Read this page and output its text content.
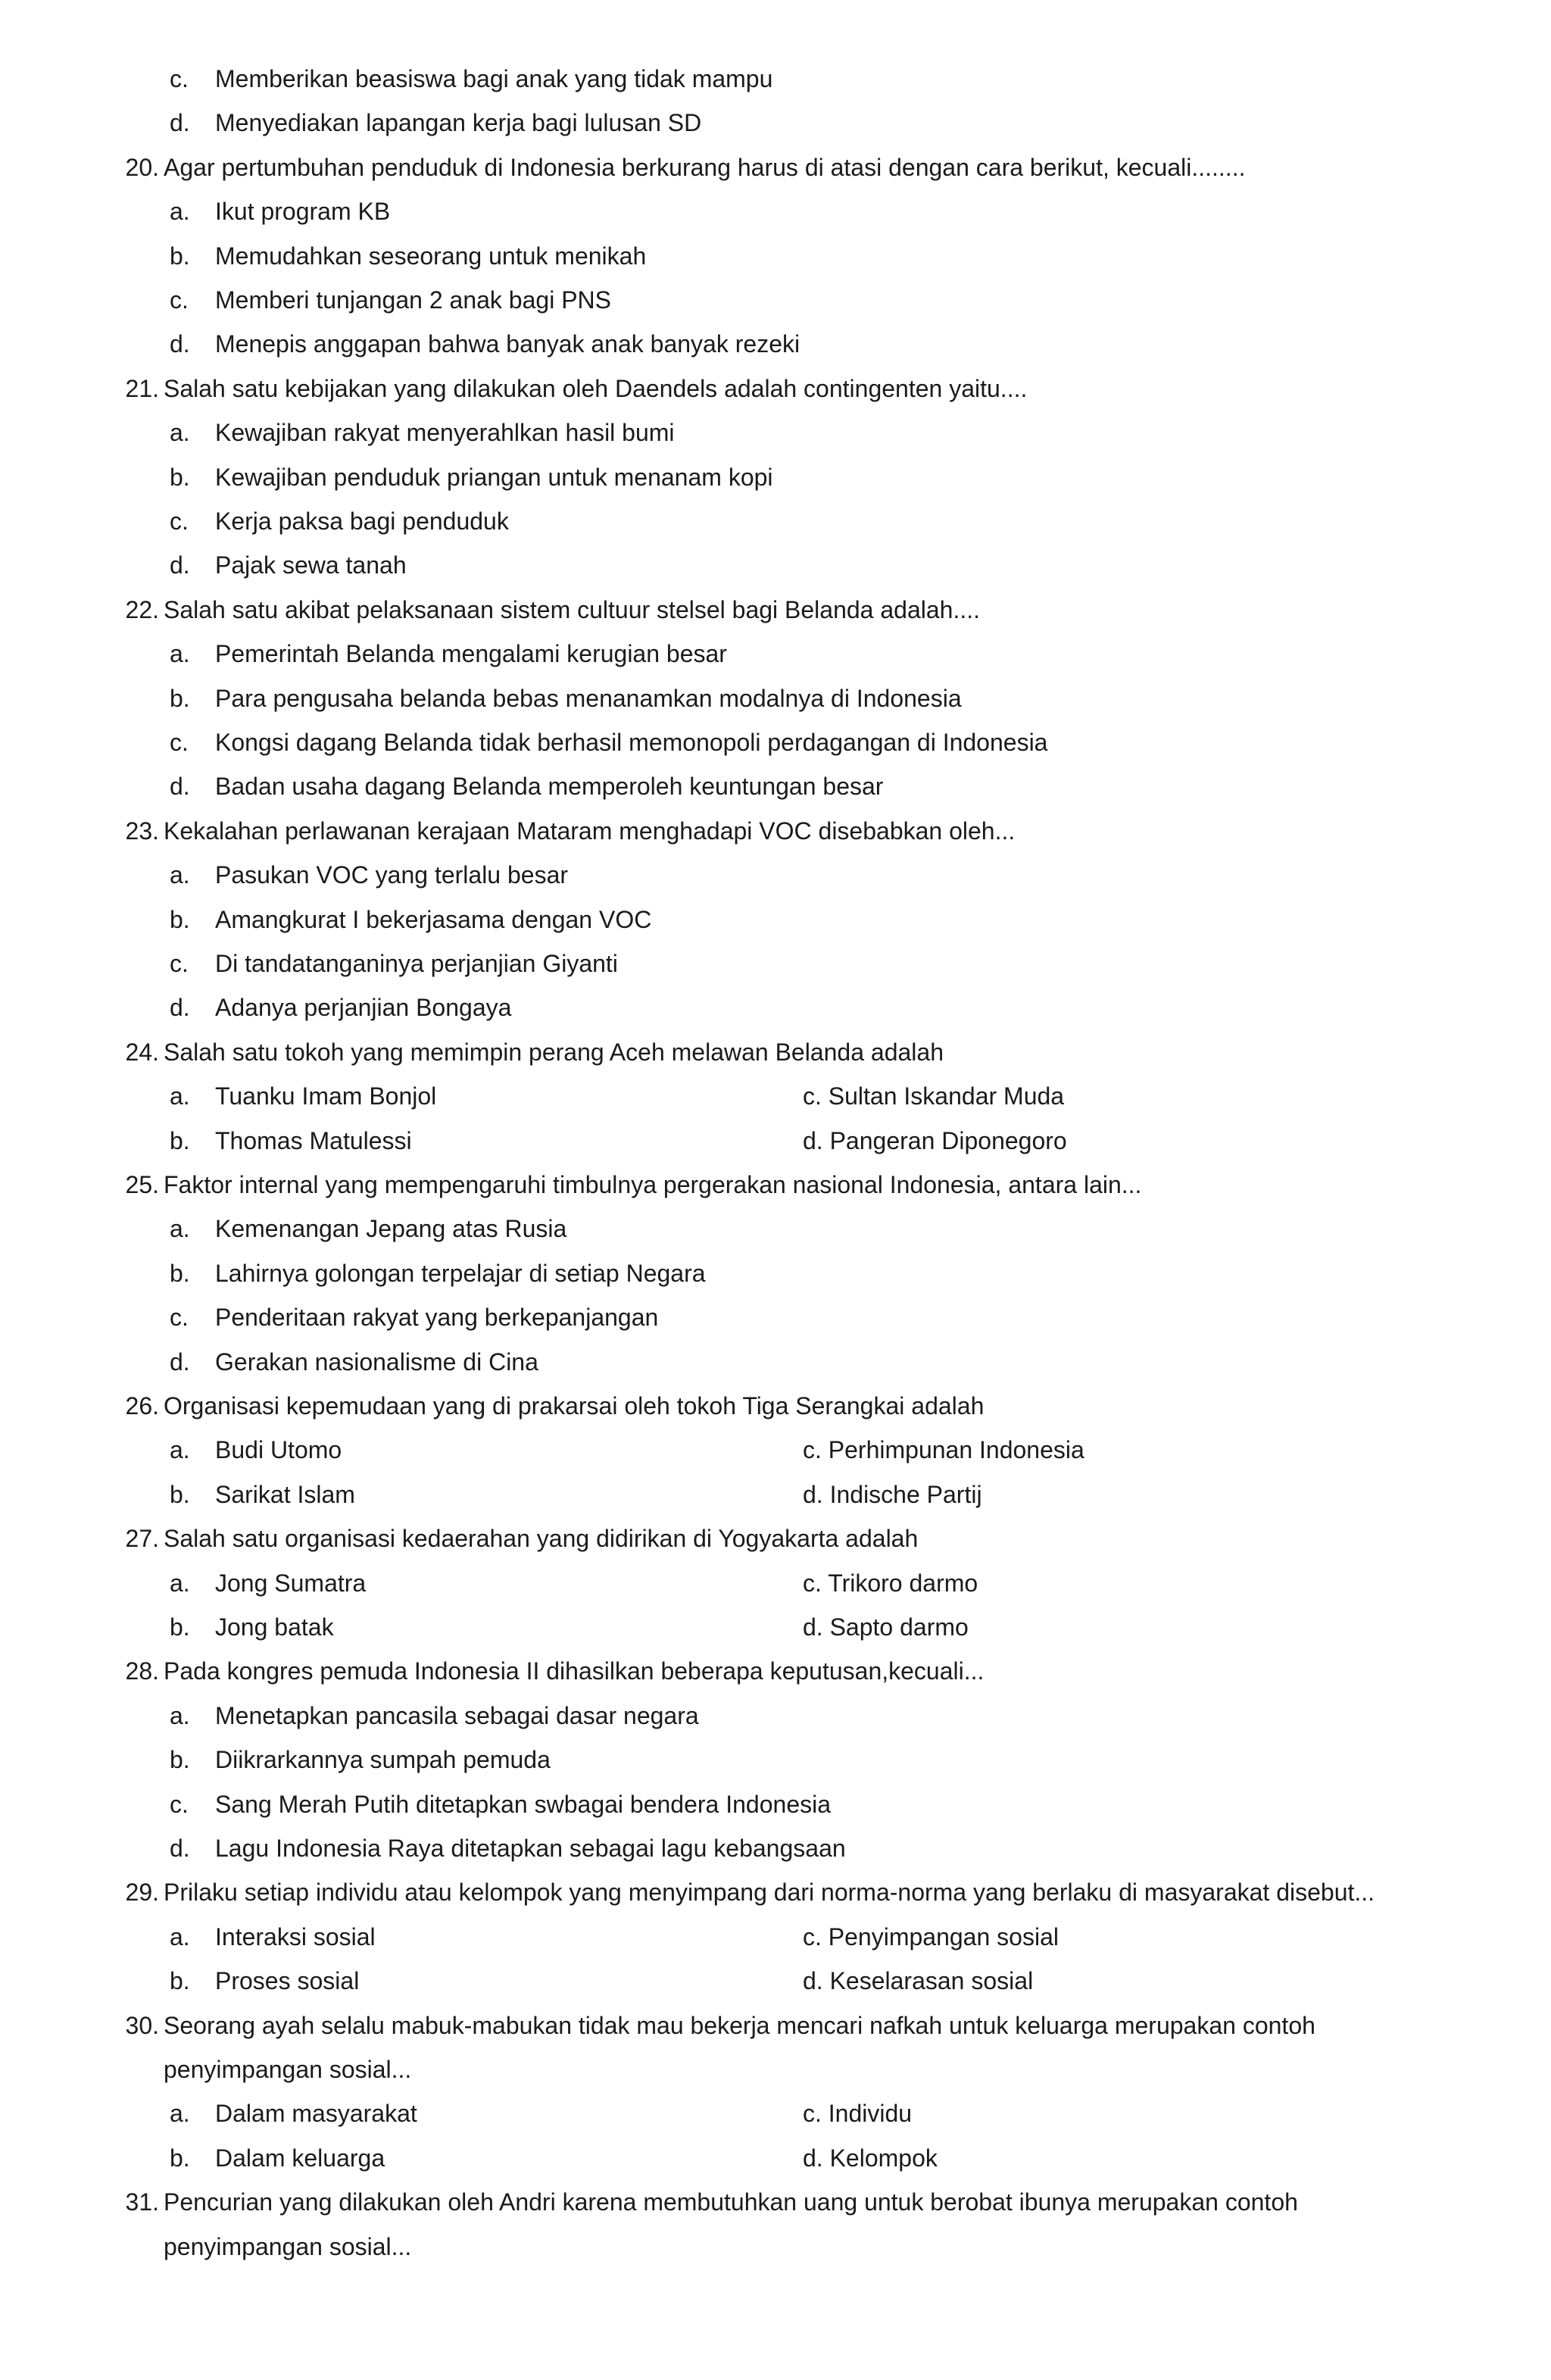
c. Memberikan beasiswa bagi anak yang tidak mampu
d. Menyediakan lapangan kerja bagi lulusan SD
20. Agar pertumbuhan penduduk di Indonesia berkurang harus di atasi dengan cara berikut, kecuali........
a. Ikut program KB
b. Memudahkan seseorang untuk menikah
c. Memberi tunjangan 2 anak bagi PNS
d. Menepis anggapan bahwa banyak anak banyak rezeki
21. Salah satu kebijakan yang dilakukan oleh Daendels adalah contingenten yaitu....
a. Kewajiban rakyat menyerahlkan hasil bumi
b. Kewajiban penduduk priangan untuk menanam kopi
c. Kerja paksa bagi penduduk
d. Pajak sewa tanah
22. Salah satu akibat pelaksanaan sistem cultuur stelsel bagi Belanda adalah....
a. Pemerintah Belanda mengalami kerugian besar
b. Para pengusaha belanda bebas menanamkan modalnya di Indonesia
c. Kongsi dagang Belanda tidak berhasil memonopoli perdagangan di Indonesia
d. Badan usaha dagang Belanda memperoleh keuntungan besar
23. Kekalahan perlawanan kerajaan Mataram menghadapi VOC disebabkan oleh...
a. Pasukan VOC yang terlalu besar
b. Amangkurat I bekerjasama dengan VOC
c. Di tandatanganinya perjanjian Giyanti
d. Adanya perjanjian Bongaya
24. Salah satu tokoh yang memimpin perang Aceh melawan Belanda adalah
a. Tuanku Imam Bonjol	c. Sultan Iskandar Muda
b. Thomas Matulessi	d. Pangeran Diponegoro
25. Faktor internal yang mempengaruhi timbulnya pergerakan nasional Indonesia, antara lain...
a. Kemenangan Jepang atas Rusia
b. Lahirnya golongan terpelajar di setiap Negara
c. Penderitaan rakyat yang berkepanjangan
d. Gerakan nasionalisme di Cina
26. Organisasi kepemudaan yang di prakarsai oleh tokoh Tiga Serangkai adalah
a. Budi Utomo	c. Perhimpunan Indonesia
b. Sarikat Islam	d. Indische Partij
27. Salah satu organisasi kedaerahan yang didirikan di Yogyakarta adalah
a. Jong Sumatra	c. Trikoro darmo
b. Jong batak	d. Sapto darmo
28. Pada kongres pemuda Indonesia II dihasilkan beberapa keputusan,kecuali...
a. Menetapkan pancasila sebagai dasar negara
b. Diikrarkannya sumpah pemuda
c. Sang Merah Putih ditetapkan swbagai bendera Indonesia
d. Lagu Indonesia Raya ditetapkan sebagai lagu kebangsaan
29. Prilaku setiap individu atau kelompok yang menyimpang dari norma-norma yang berlaku di masyarakat disebut...
a. Interaksi sosial	c. Penyimpangan sosial
b. Proses sosial	d. Keselarasan sosial
30. Seorang ayah selalu mabuk-mabukan tidak mau bekerja mencari nafkah untuk keluarga merupakan contoh
penyimpangan sosial...
a. Dalam masyarakat	c. Individu
b. Dalam keluarga	d. Kelompok
31. Pencurian yang dilakukan oleh Andri karena membutuhkan uang untuk berobat ibunya merupakan contoh
penyimpangan sosial...
